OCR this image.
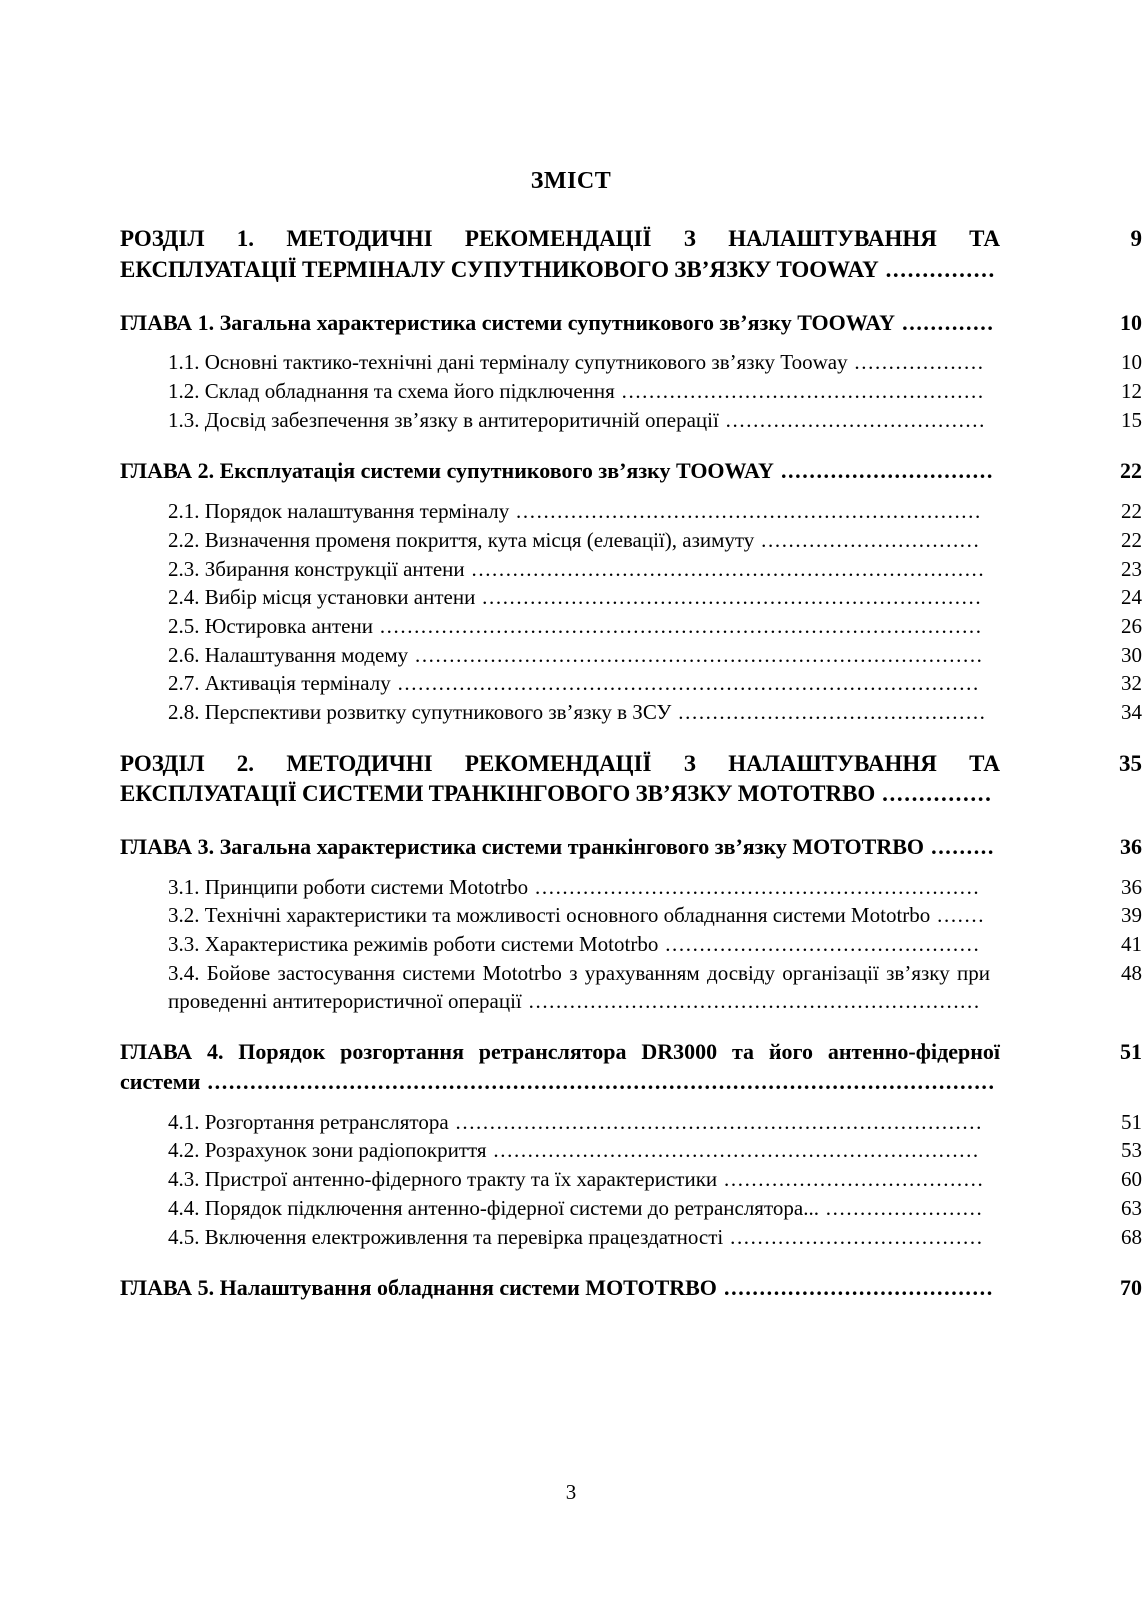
ЗМІСТ
9
РОЗДІЛ 1. МЕТОДИЧНІ РЕКОМЕНДАЦІЇ З НАЛАШТУВАННЯ ТА ЕКСПЛУАТАЦІЇ ТЕРМІНАЛУ СУПУТНИКОВОГО ЗВ’ЯЗКУ TOOWAY ...............
10
ГЛАВА 1. Загальна характеристика системи супутникового зв’язку TOOWAY .............
10
1.1. Основні тактико-технічні дані терміналу супутникового зв’язку Tooway ...................
12
1.2. Склад обладнання та схема його підключення .....................................................
15
1.3. Досвід забезпечення зв’язку в антитероритичній операції ......................................
22
ГЛАВА 2. Експлуатація системи супутникового зв’язку TOOWAY ..............................
22
2.1. Порядок налаштування терміналу ....................................................................
22
2.2. Визначення променя покриття, кута місця (елевації), азимуту ................................
23
2.3. Збирання конструкції антени ...........................................................................
24
2.4. Вибір місця установки антени .........................................................................
26
2.5. Юстировка антени ........................................................................................
30
2.6. Налаштування модему ...................................................................................
32
2.7. Активація терміналу .....................................................................................
34
2.8. Перспективи розвитку супутникового зв’язку в ЗСУ .............................................
35
РОЗДІЛ 2. МЕТОДИЧНІ РЕКОМЕНДАЦІЇ З НАЛАШТУВАННЯ ТА ЕКСПЛУАТАЦІЇ СИСТЕМИ ТРАНКІНГОВОГО ЗВ’ЯЗКУ MOTOTRBO ...............
36
ГЛАВА 3. Загальна характеристика системи транкінгового зв’язку MOTOTRBO .........
36
3.1. Принципи роботи системи Mototrbo .................................................................
39
3.2. Технічні характеристики та можливості основного обладнання системи Mototrbo .......
41
3.3. Характеристика режимів роботи системи Mototrbo ..............................................
48
3.4. Бойове застосування системи Mototrbo з урахуванням досвіду організації зв’язку при проведенні антитерористичної операції ..................................................................
51
ГЛАВА 4. Порядок розгортання ретранслятора DR3000 та його антенно-фідерної системи ...............................................................................................................
51
4.1. Розгортання ретранслятора .............................................................................
53
4.2. Розрахунок зони радіопокриття .......................................................................
60
4.3. Пристрої антенно-фідерного тракту та їх характеристики ......................................
63
4.4. Порядок підключення антенно-фідерної системи до ретранслятора... .......................
68
4.5. Включення електроживлення та перевірка працездатності .....................................
70
ГЛАВА 5. Налаштування обладнання системи MOTOTRBO ......................................
3
